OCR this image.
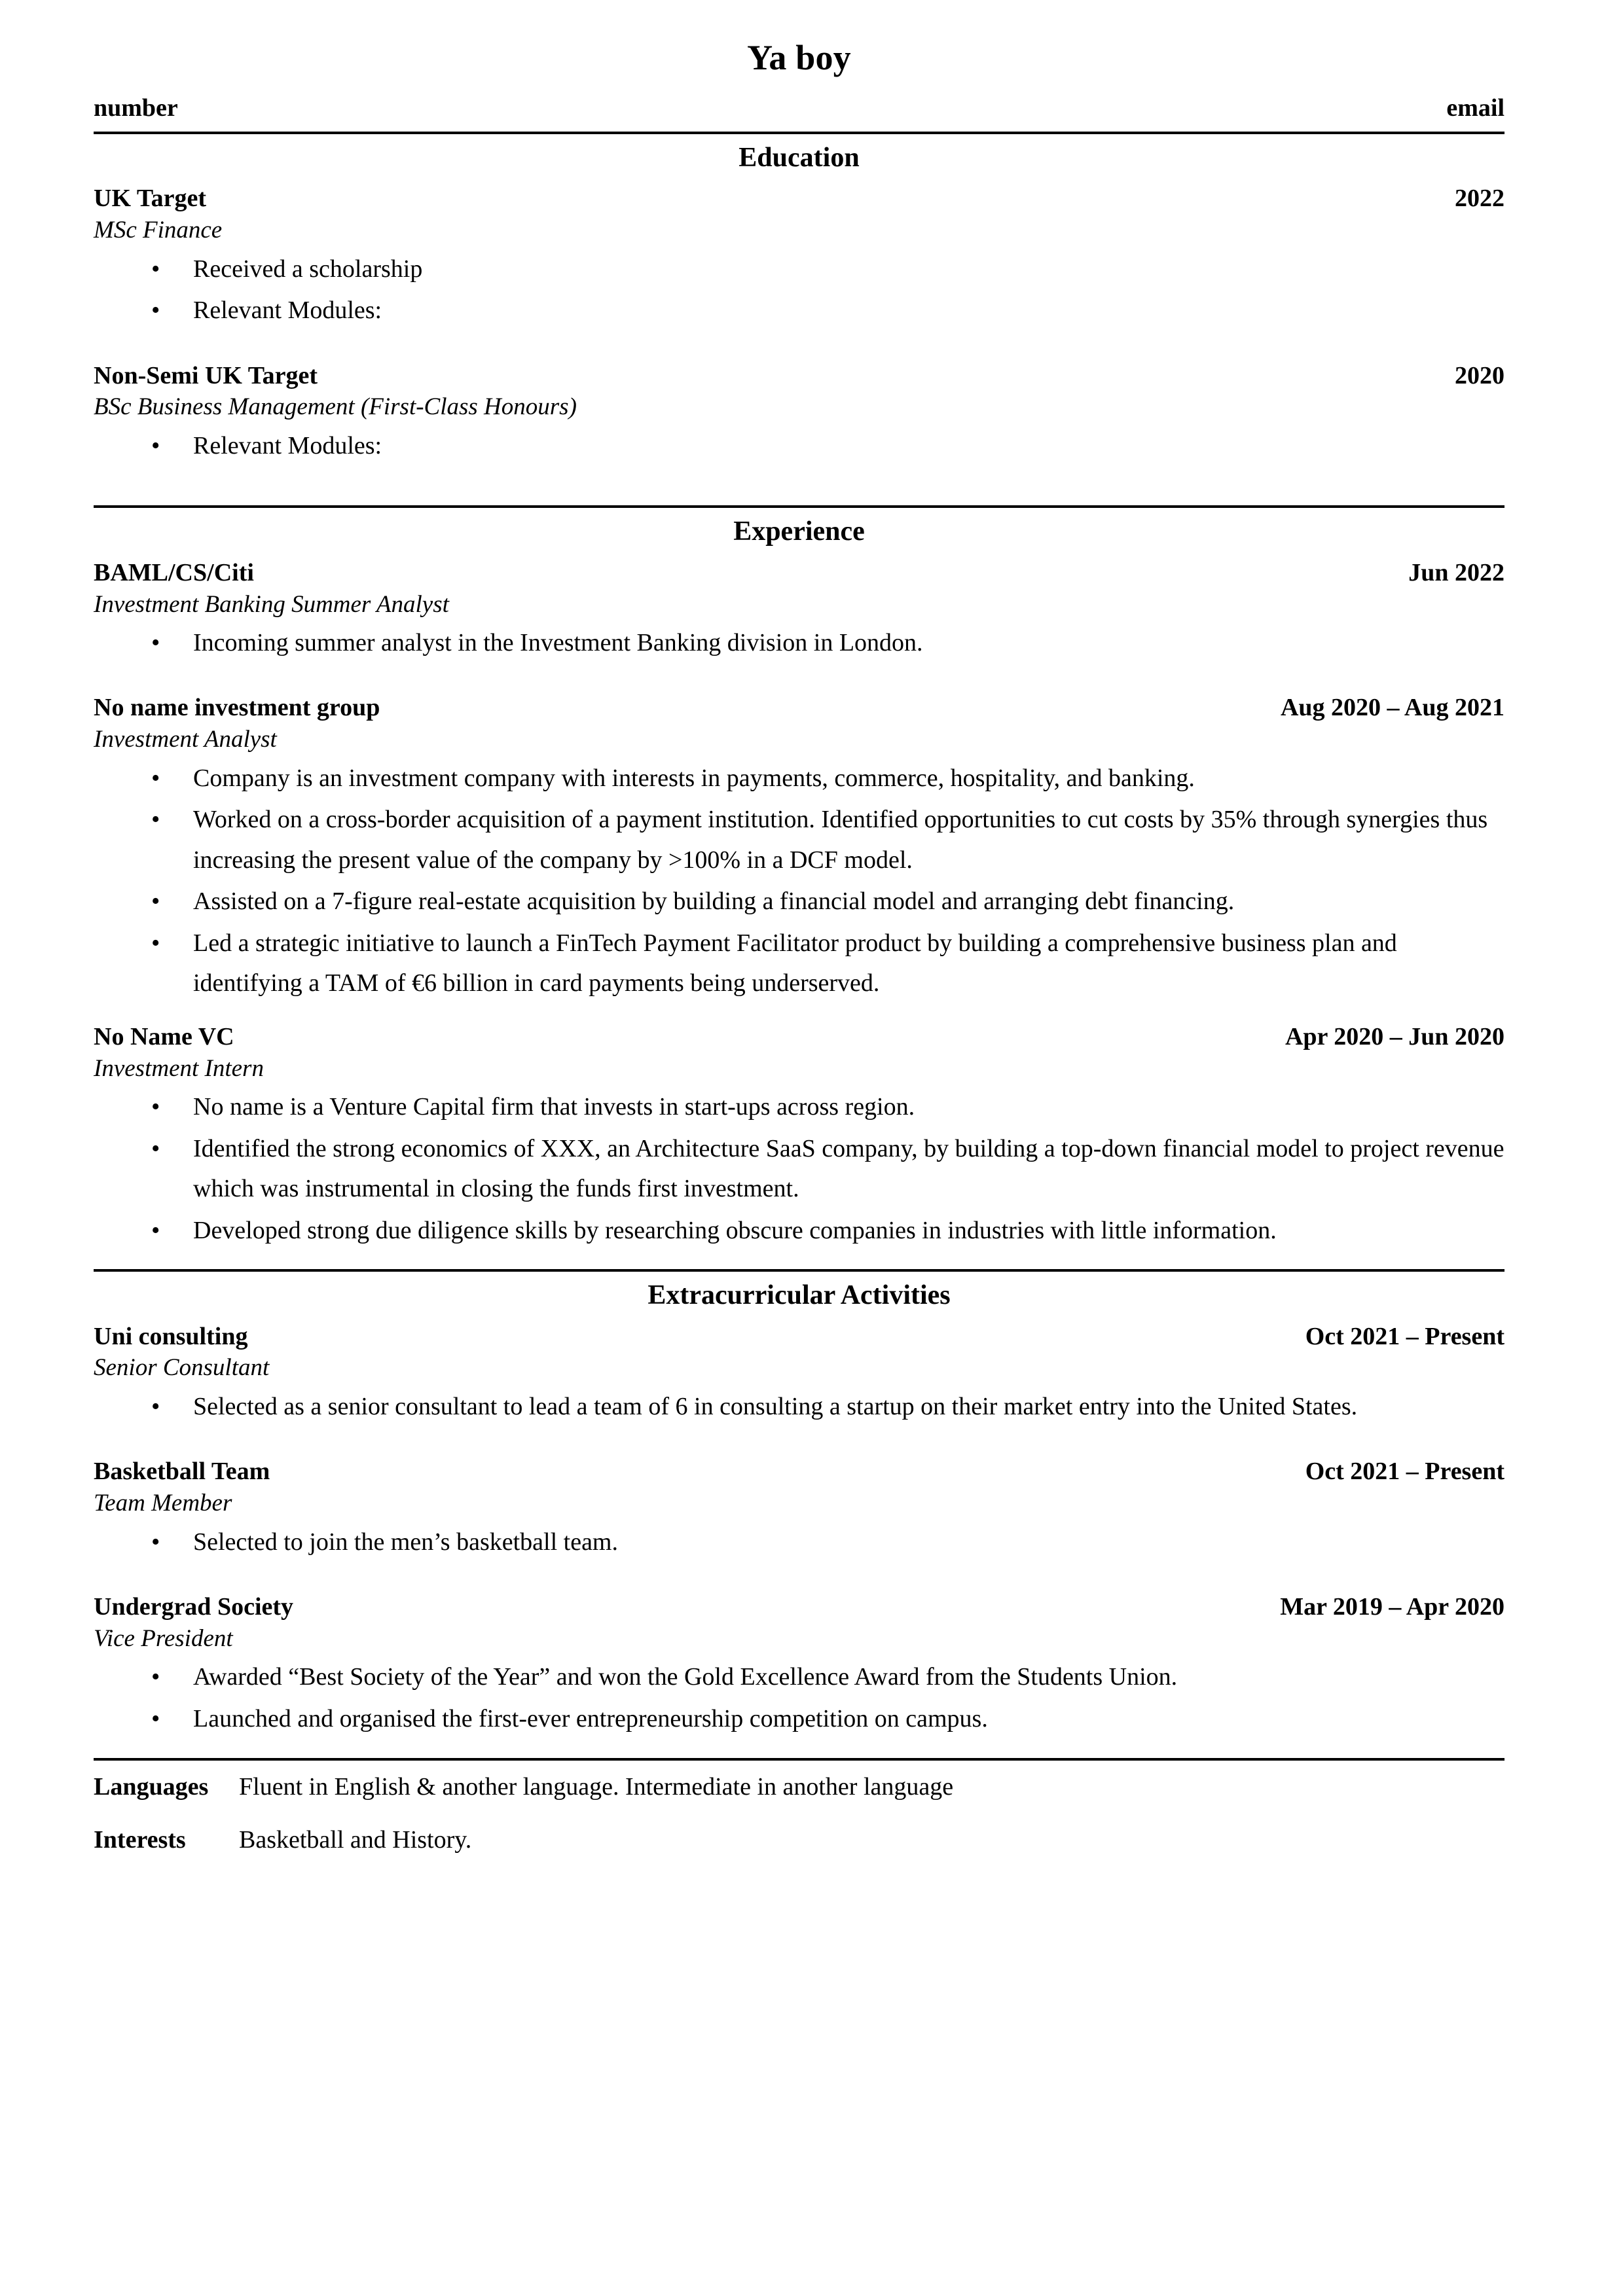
Ya boy
number	email
Education
UK Target	2022
MSc Finance
• Received a scholarship
• Relevant Modules:
Non-Semi UK Target	2020
BSc Business Management (First-Class Honours)
• Relevant Modules:
Experience
BAML/CS/Citi	Jun 2022
Investment Banking Summer Analyst
• Incoming summer analyst in the Investment Banking division in London.
No name investment group	Aug 2020 – Aug 2021
Investment Analyst
• Company is an investment company with interests in payments, commerce, hospitality, and banking.
• Worked on a cross-border acquisition of a payment institution. Identified opportunities to cut costs by 35% through synergies thus increasing the present value of the company by >100% in a DCF model.
• Assisted on a 7-figure real-estate acquisition by building a financial model and arranging debt financing.
• Led a strategic initiative to launch a FinTech Payment Facilitator product by building a comprehensive business plan and identifying a TAM of €6 billion in card payments being underserved.
No Name VC	Apr 2020 – Jun 2020
Investment Intern
• No name is a Venture Capital firm that invests in start-ups across region.
• Identified the strong economics of XXX, an Architecture SaaS company, by building a top-down financial model to project revenue which was instrumental in closing the funds first investment.
• Developed strong due diligence skills by researching obscure companies in industries with little information.
Extracurricular Activities
Uni consulting	Oct 2021 – Present
Senior Consultant
• Selected as a senior consultant to lead a team of 6 in consulting a startup on their market entry into the United States.
Basketball Team	Oct 2021 – Present
Team Member
• Selected to join the men’s basketball team.
Undergrad Society	Mar 2019 – Apr 2020
Vice President
• Awarded “Best Society of the Year” and won the Gold Excellence Award from the Students Union.
• Launched and organised the first-ever entrepreneurship competition on campus.
Languages	Fluent in English & another language. Intermediate in another language
Interests	Basketball and History.
